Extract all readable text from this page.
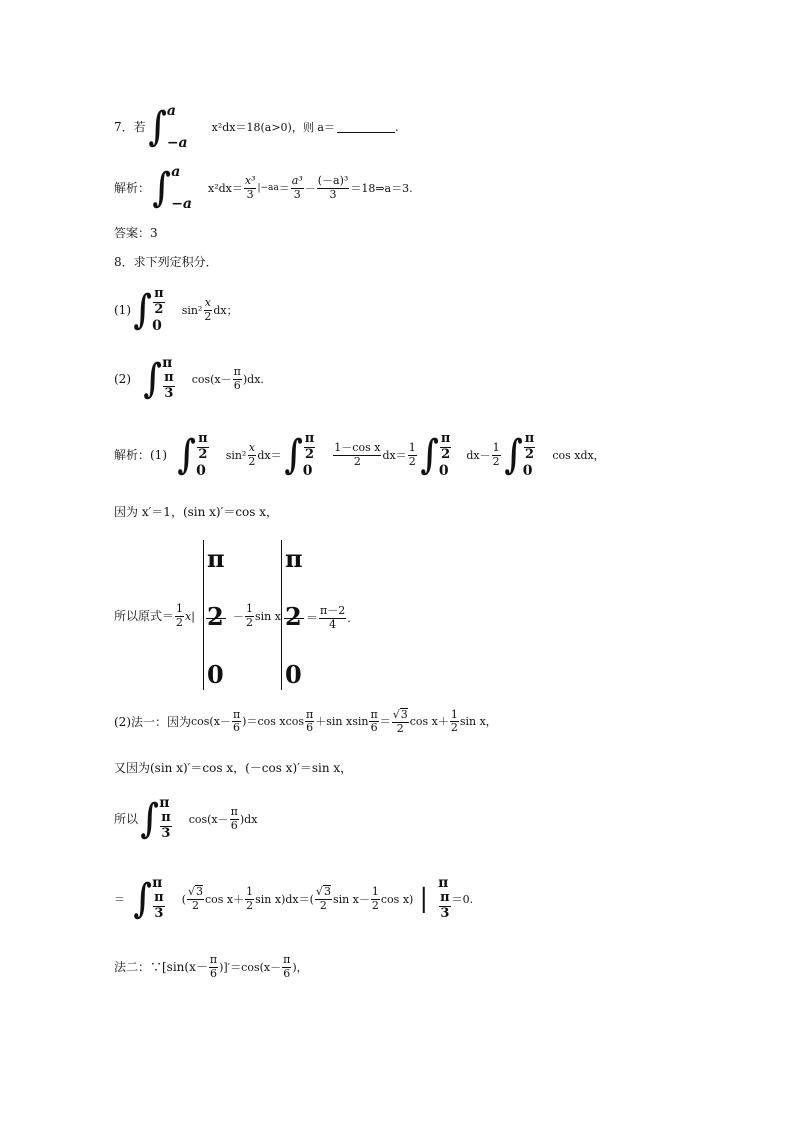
7．若 ∫ a
−a
x²dx＝18(a>0)，则 a＝	.
解析： ∫ a
−a
$x^2dx= \frac{\text{x³}}{3} |-aa = \frac{\text{a³}}{3} - \frac{\text{(－a)³}}{3}$ ＝18⇒a＝3.
答案：3
8．求下列定积分．
(1) ∫ $\frac{\pi}{2}$
0
$\sin^2 \frac{x}{2}$ dx；
(2) ∫ π
$\frac{\pi}{3} \cos(x- \frac{\pi}{6} )dx$.
解析：(1) ∫ $\frac{\pi}{2}$
0
$\sin^2 \frac{x}{2} dx=$ ∫ $\frac{\pi}{2}$
0
$\frac{\text{1－cos x}}{2} dx= \frac{1}{2}$ ∫ $\frac{\pi}{2}$
0
$dx- \frac{1}{2}$ ∫ $\frac{\pi}{2}$
0
cos xdx，
因为 x′＝1，(sin x)′＝cos x，
所以原式＝ $\frac{1}{2} x|$
π
2
0
－ $\frac{1}{2}$ sin x
π
2
0
＝ $\frac{\pi-2}{4}$ .
(2)法一：因为 $\cos(x- \frac{\pi}{6} )=\cos$ xcos $\frac{\pi}{6} +\sin$ xsin $\frac{\pi}{6} = \frac{√3}{2}$ $\cos x+ \frac{1}{2}$ sin x，
又因为(sin x)′＝cos x，(－cos x)′＝sin x，
所以 ∫ π
$\frac{\pi}{3} \cos(x- \frac{\pi}{6} )dx$
＝ ∫ π
$\frac{\pi}{3}$ ( $\frac{√3}{2}$ $\cos x+ \frac{1}{2}$ $\sin x)dx=( \frac{√3}{2}$ $\sin x- \frac{1}{2}$ cos x) |
π
$\frac{\pi}{3} =0$.
法二：∵[sin(x－ $\frac{\pi}{6} )]'=\cos(x- \frac{\pi}{6}$ )，
